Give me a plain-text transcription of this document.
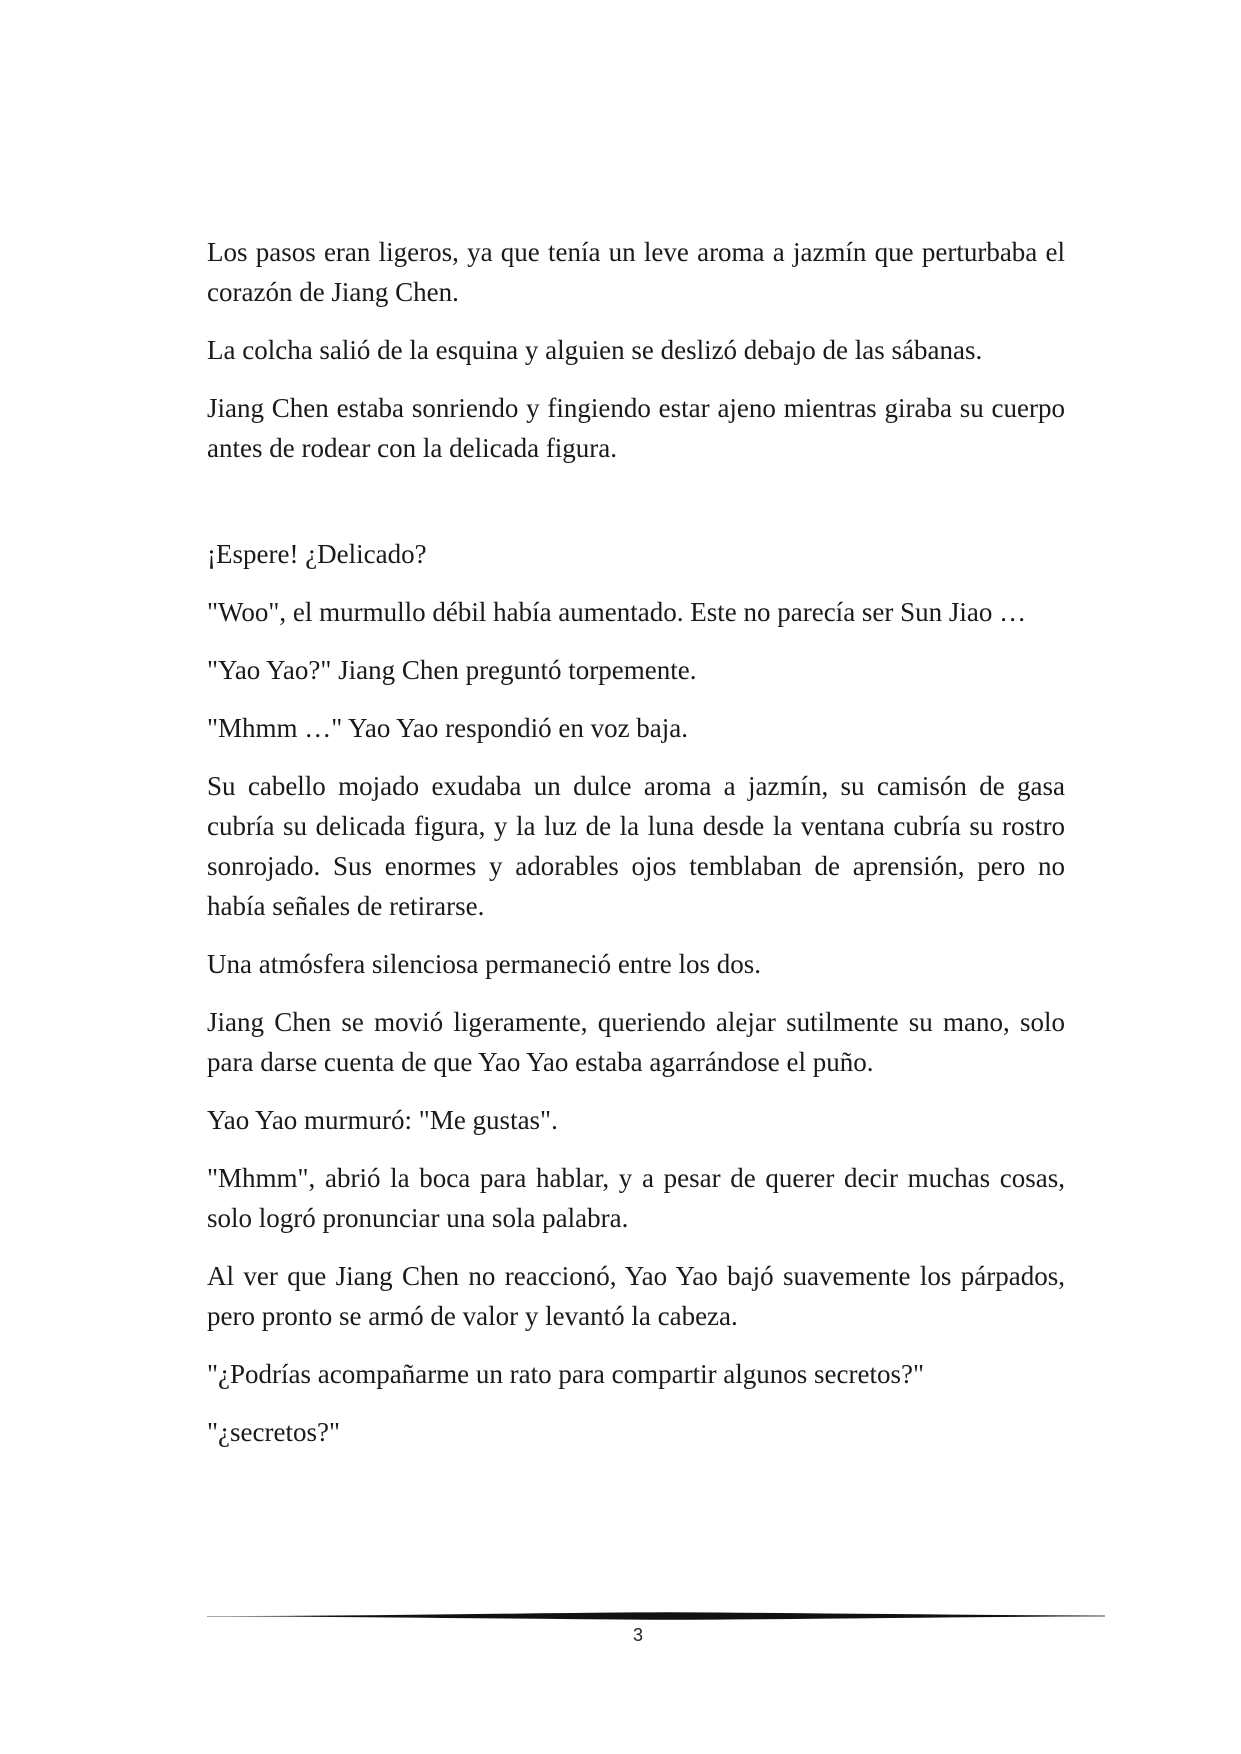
Los pasos eran ligeros, ya que tenía un leve aroma a jazmín que perturbaba el corazón de Jiang Chen.

La colcha salió de la esquina y alguien se deslizó debajo de las sábanas.

Jiang Chen estaba sonriendo y fingiendo estar ajeno mientras giraba su cuerpo antes de rodear con la delicada figura.

¡Espere! ¿Delicado?

"Woo", el murmullo débil había aumentado. Este no parecía ser Sun Jiao …

"Yao Yao?" Jiang Chen preguntó torpemente.

"Mhmm …" Yao Yao respondió en voz baja.

Su cabello mojado exudaba un dulce aroma a jazmín, su camisón de gasa cubría su delicada figura, y la luz de la luna desde la ventana cubría su rostro sonrojado. Sus enormes y adorables ojos temblaban de aprensión, pero no había señales de retirarse.

Una atmósfera silenciosa permaneció entre los dos.

Jiang Chen se movió ligeramente, queriendo alejar sutilmente su mano, solo para darse cuenta de que Yao Yao estaba agarrándose el puño.

Yao Yao murmuró: "Me gustas".

"Mhmm", abrió la boca para hablar, y a pesar de querer decir muchas cosas, solo logró pronunciar una sola palabra.

Al ver que Jiang Chen no reaccionó, Yao Yao bajó suavemente los párpados, pero pronto se armó de valor y levantó la cabeza.

"¿Podrías acompañarme un rato para compartir algunos secretos?"

"¿secretos?"

3
